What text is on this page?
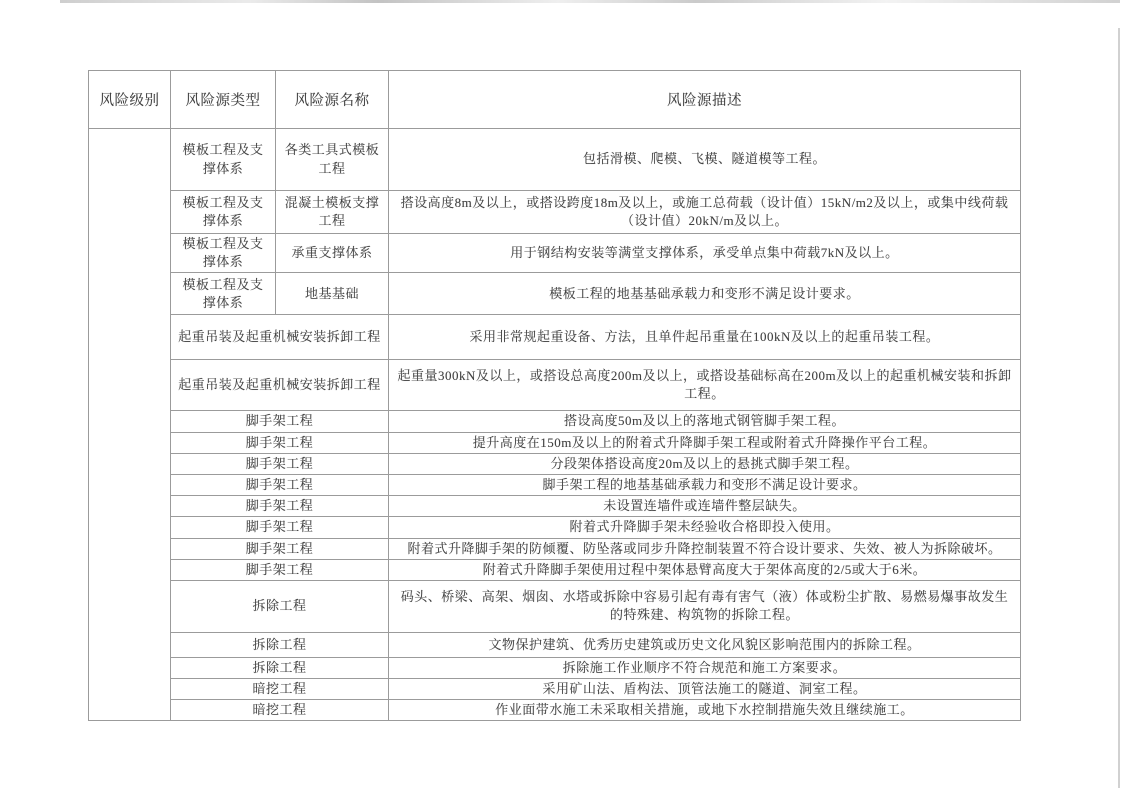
风险级别	风险源类型	风险源名称	风险源描述
	模板工程及支撑体系	各类工具式模板工程	包括滑模、爬模、飞模、隧道模等工程。
	模板工程及支撑体系	混凝土模板支撑工程	搭设高度8m及以上，或搭设跨度18m及以上，或施工总荷载（设计值）15kN/m2及以上，或集中线荷载（设计值）20kN/m及以上。
	模板工程及支撑体系	承重支撑体系	用于钢结构安装等满堂支撑体系，承受单点集中荷载7kN及以上。
	模板工程及支撑体系	地基基础	模板工程的地基基础承载力和变形不满足设计要求。
	起重吊装及起重机械安装拆卸工程		采用非常规起重设备、方法，且单件起吊重量在100kN及以上的起重吊装工程。
	起重吊装及起重机械安装拆卸工程		起重量300kN及以上，或搭设总高度200m及以上，或搭设基础标高在200m及以上的起重机械安装和拆卸工程。
	脚手架工程		搭设高度50m及以上的落地式钢管脚手架工程。
	脚手架工程		提升高度在150m及以上的附着式升降脚手架工程或附着式升降操作平台工程。
	脚手架工程		分段架体搭设高度20m及以上的悬挑式脚手架工程。
	脚手架工程		脚手架工程的地基基础承载力和变形不满足设计要求。
	脚手架工程		未设置连墙件或连墙件整层缺失。
	脚手架工程		附着式升降脚手架未经验收合格即投入使用。
	脚手架工程		附着式升降脚手架的防倾覆、防坠落或同步升降控制装置不符合设计要求、失效、被人为拆除破坏。
	脚手架工程		附着式升降脚手架使用过程中架体悬臂高度大于架体高度的2/5或大于6米。
	拆除工程		码头、桥梁、高架、烟囱、水塔或拆除中容易引起有毒有害气（液）体或粉尘扩散、易燃易爆事故发生的特殊建、构筑物的拆除工程。
	拆除工程		文物保护建筑、优秀历史建筑或历史文化风貌区影响范围内的拆除工程。
	拆除工程		拆除施工作业顺序不符合规范和施工方案要求。
	暗挖工程		采用矿山法、盾构法、顶管法施工的隧道、洞室工程。
	暗挖工程		作业面带水施工未采取相关措施，或地下水控制措施失效且继续施工。
